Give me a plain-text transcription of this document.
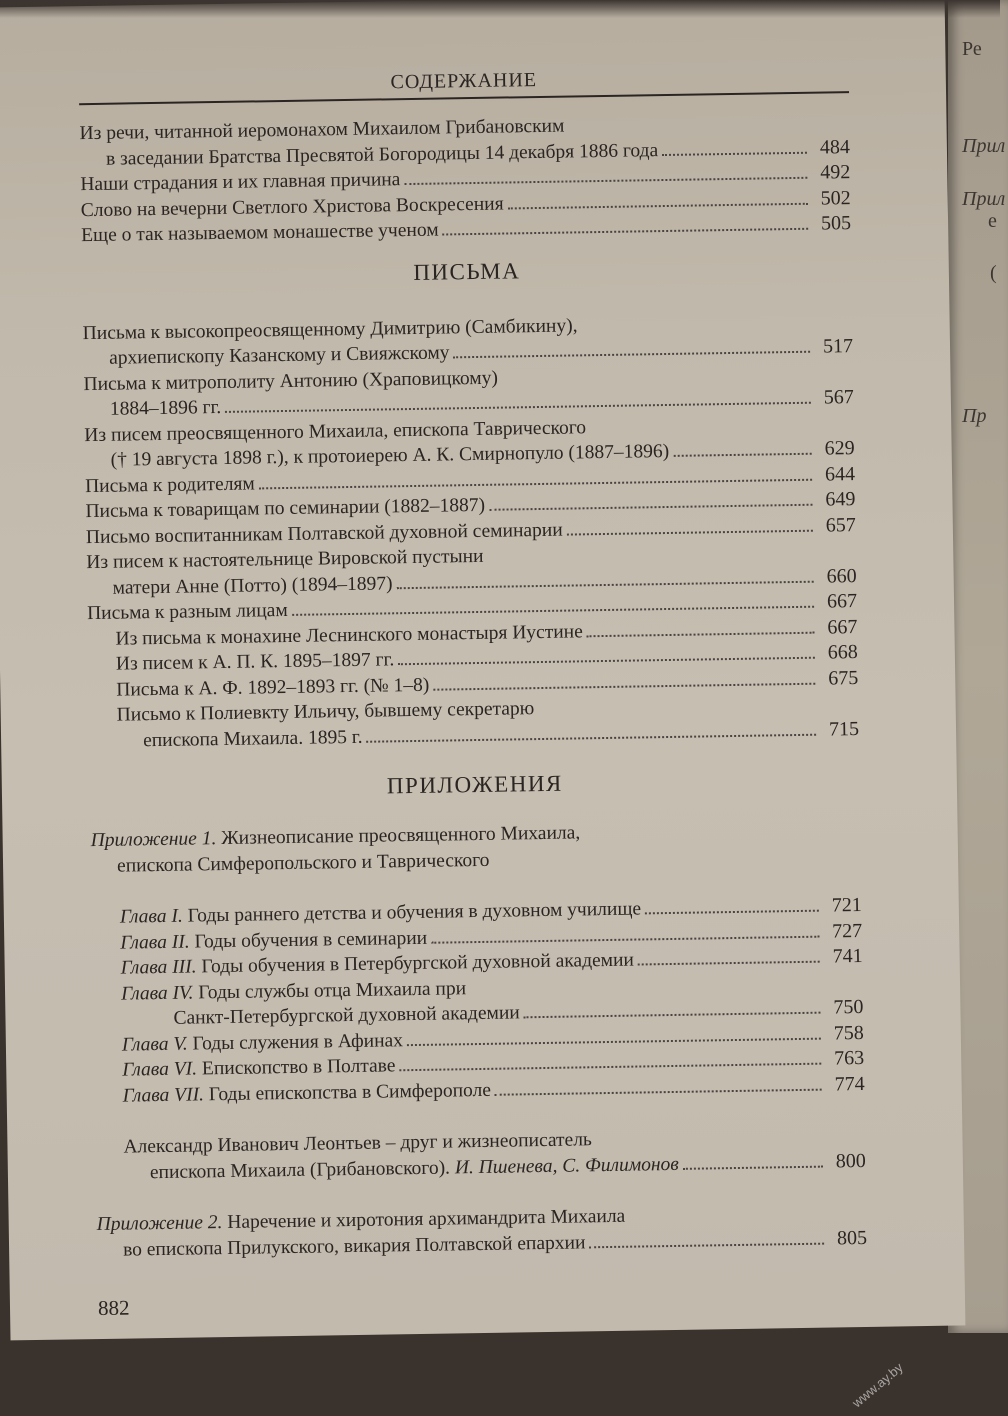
Ре
Прил
Прил
е
(
Пр
СОДЕРЖАНИЕ
Из речи, читанной иеромонахом Михаилом Грибановским
в заседании Братства Пресвятой Богородицы 14 декабря 1886 года	484
Наши страдания и их главная причина	492
Слово на вечерни Светлого Христова Воскресения	502
Еще о так называемом монашестве ученом	505
ПИСЬМА
Письма к высокопреосвященному Димитрию (Самбикину),
архиепископу Казанскому и Свияжскому	517
Письма к митрополиту Антонию (Храповицкому)
1884–1896 гг.	567
Из писем преосвященного Михаила, епископа Таврического
(† 19 августа 1898 г.), к протоиерею А. К. Смирнопуло (1887–1896)	629
Письма к родителям	644
Письма к товарищам по семинарии (1882–1887)	649
Письмо воспитанникам Полтавской духовной семинарии	657
Из писем к настоятельнице Вировской пустыни
матери Анне (Потто) (1894–1897)	660
Письма к разным лицам	667
Из письма к монахине Леснинского монастыря Иустине	667
Из писем к А. П. К. 1895–1897 гг.	668
Письма к А. Ф. 1892–1893 гг. (№ 1–8)	675
Письмо к Полиевкту Ильичу, бывшему секретарю
епископа Михаила. 1895 г.	715
ПРИЛОЖЕНИЯ
Приложение 1. Жизнеописание преосвященного Михаила,
епископа Симферопольского и Таврического
Глава I. Годы раннего детства и обучения в духовном училище	721
Глава II. Годы обучения в семинарии	727
Глава III. Годы обучения в Петербургской духовной академии	741
Глава IV. Годы службы отца Михаила при
Санкт-Петербургской духовной академии	750
Глава V. Годы служения в Афинах	758
Глава VI. Епископство в Полтаве	763
Глава VII. Годы епископства в Симферополе	774
Александр Иванович Леонтьев – друг и жизнеописатель
епископа Михаила (Грибановского). И. Пшенева, С. Филимонов	800
Приложение 2. Наречение и хиротония архимандрита Михаила
во епископа Прилукского, викария Полтавской епархии	805
882
www.ay.by
